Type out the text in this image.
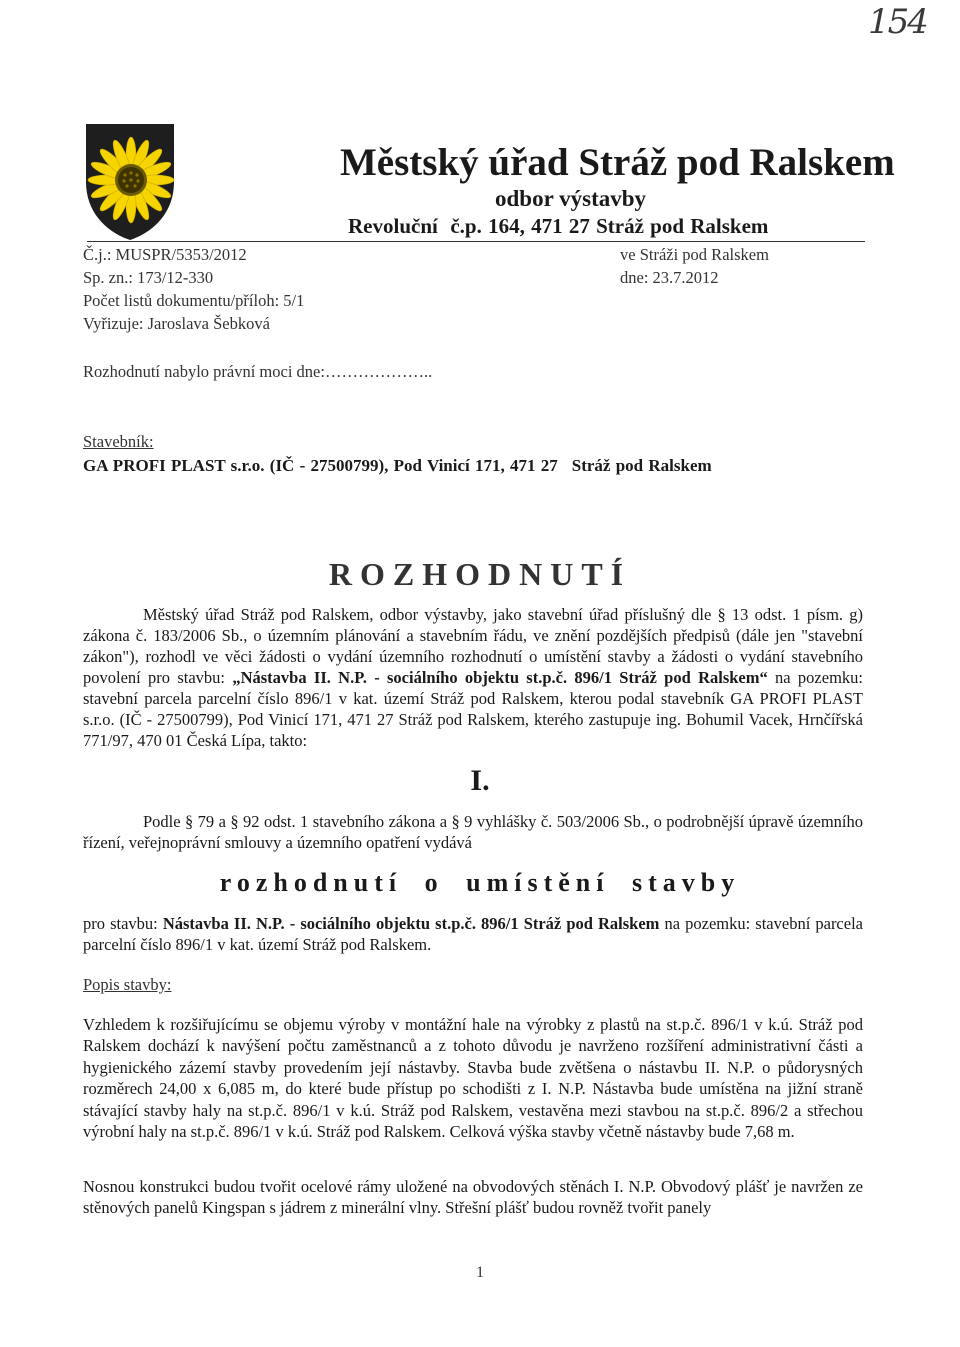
154
Městský úřad Stráž pod Ralskem
odbor výstavby
Revoluční  č.p. 164, 471 27 Stráž pod Ralskem
Č.j.: MUSPR/5353/2012
Sp. zn.: 173/12-330
Počet listů dokumentu/příloh: 5/1
Vyřizuje: Jaroslava Šebková
ve Stráži pod Ralskem
dne: 23.7.2012
Rozhodnutí nabylo právní moci dne:………………..
Stavebník:
GA PROFI PLAST s.r.o. (IČ - 27500799), Pod Vinicí 171, 471 27 Stráž pod Ralskem
ROZHODNUTÍ
Městský úřad Stráž pod Ralskem, odbor výstavby, jako stavební úřad příslušný dle § 13 odst. 1 písm. g) zákona č. 183/2006 Sb., o územním plánování a stavebním řádu, ve znění pozdějších předpisů (dále jen "stavební zákon"), rozhodl ve věci žádosti o vydání územního rozhodnutí o umístění stavby a žádosti o vydání stavebního povolení pro stavbu: „Nástavba II. N.P. - sociálního objektu st.p.č. 896/1 Stráž pod Ralskem“ na pozemku: stavební parcela parcelní číslo 896/1 v kat. území Stráž pod Ralskem, kterou podal stavebník GA PROFI PLAST s.r.o. (IČ - 27500799), Pod Vinicí 171, 471 27 Stráž pod Ralskem, kterého zastupuje ing. Bohumil Vacek, Hrnčířská 771/97, 470 01 Česká Lípa, takto:
I.
Podle § 79 a § 92 odst. 1 stavebního zákona a § 9 vyhlášky č. 503/2006 Sb., o podrobnější úpravě územního řízení, veřejnoprávní smlouvy a územního opatření vydává
rozhodnutí o umístění stavby
pro stavbu: Nástavba II. N.P. - sociálního objektu st.p.č. 896/1 Stráž pod Ralskem na pozemku: stavební parcela parcelní číslo 896/1 v kat. území Stráž pod Ralskem.
Popis stavby:
Vzhledem k rozšiřujícímu se objemu výroby v montážní hale na výrobky z plastů na st.p.č. 896/1 v k.ú. Stráž pod Ralskem dochází k navýšení počtu zaměstnanců a z tohoto důvodu je navrženo rozšíření administrativní části a hygienického zázemí stavby provedením její nástavby. Stavba bude zvětšena o nástavbu II. N.P. o půdorysných rozměrech 24,00 x 6,085 m, do které bude přístup po schodišti z I. N.P. Nástavba bude umístěna na jižní straně stávající stavby haly na st.p.č. 896/1 v k.ú. Stráž pod Ralskem, vestavěna mezi stavbou na st.p.č. 896/2 a střechou výrobní haly na st.p.č. 896/1 v k.ú. Stráž pod Ralskem. Celková výška stavby včetně nástavby bude 7,68 m.
Nosnou konstrukci budou tvořit ocelové rámy uložené na obvodových stěnách I. N.P. Obvodový plášť je navržen ze stěnových panelů Kingspan s jádrem z minerální vlny. Střešní plášť budou rovněž tvořit panely
1
